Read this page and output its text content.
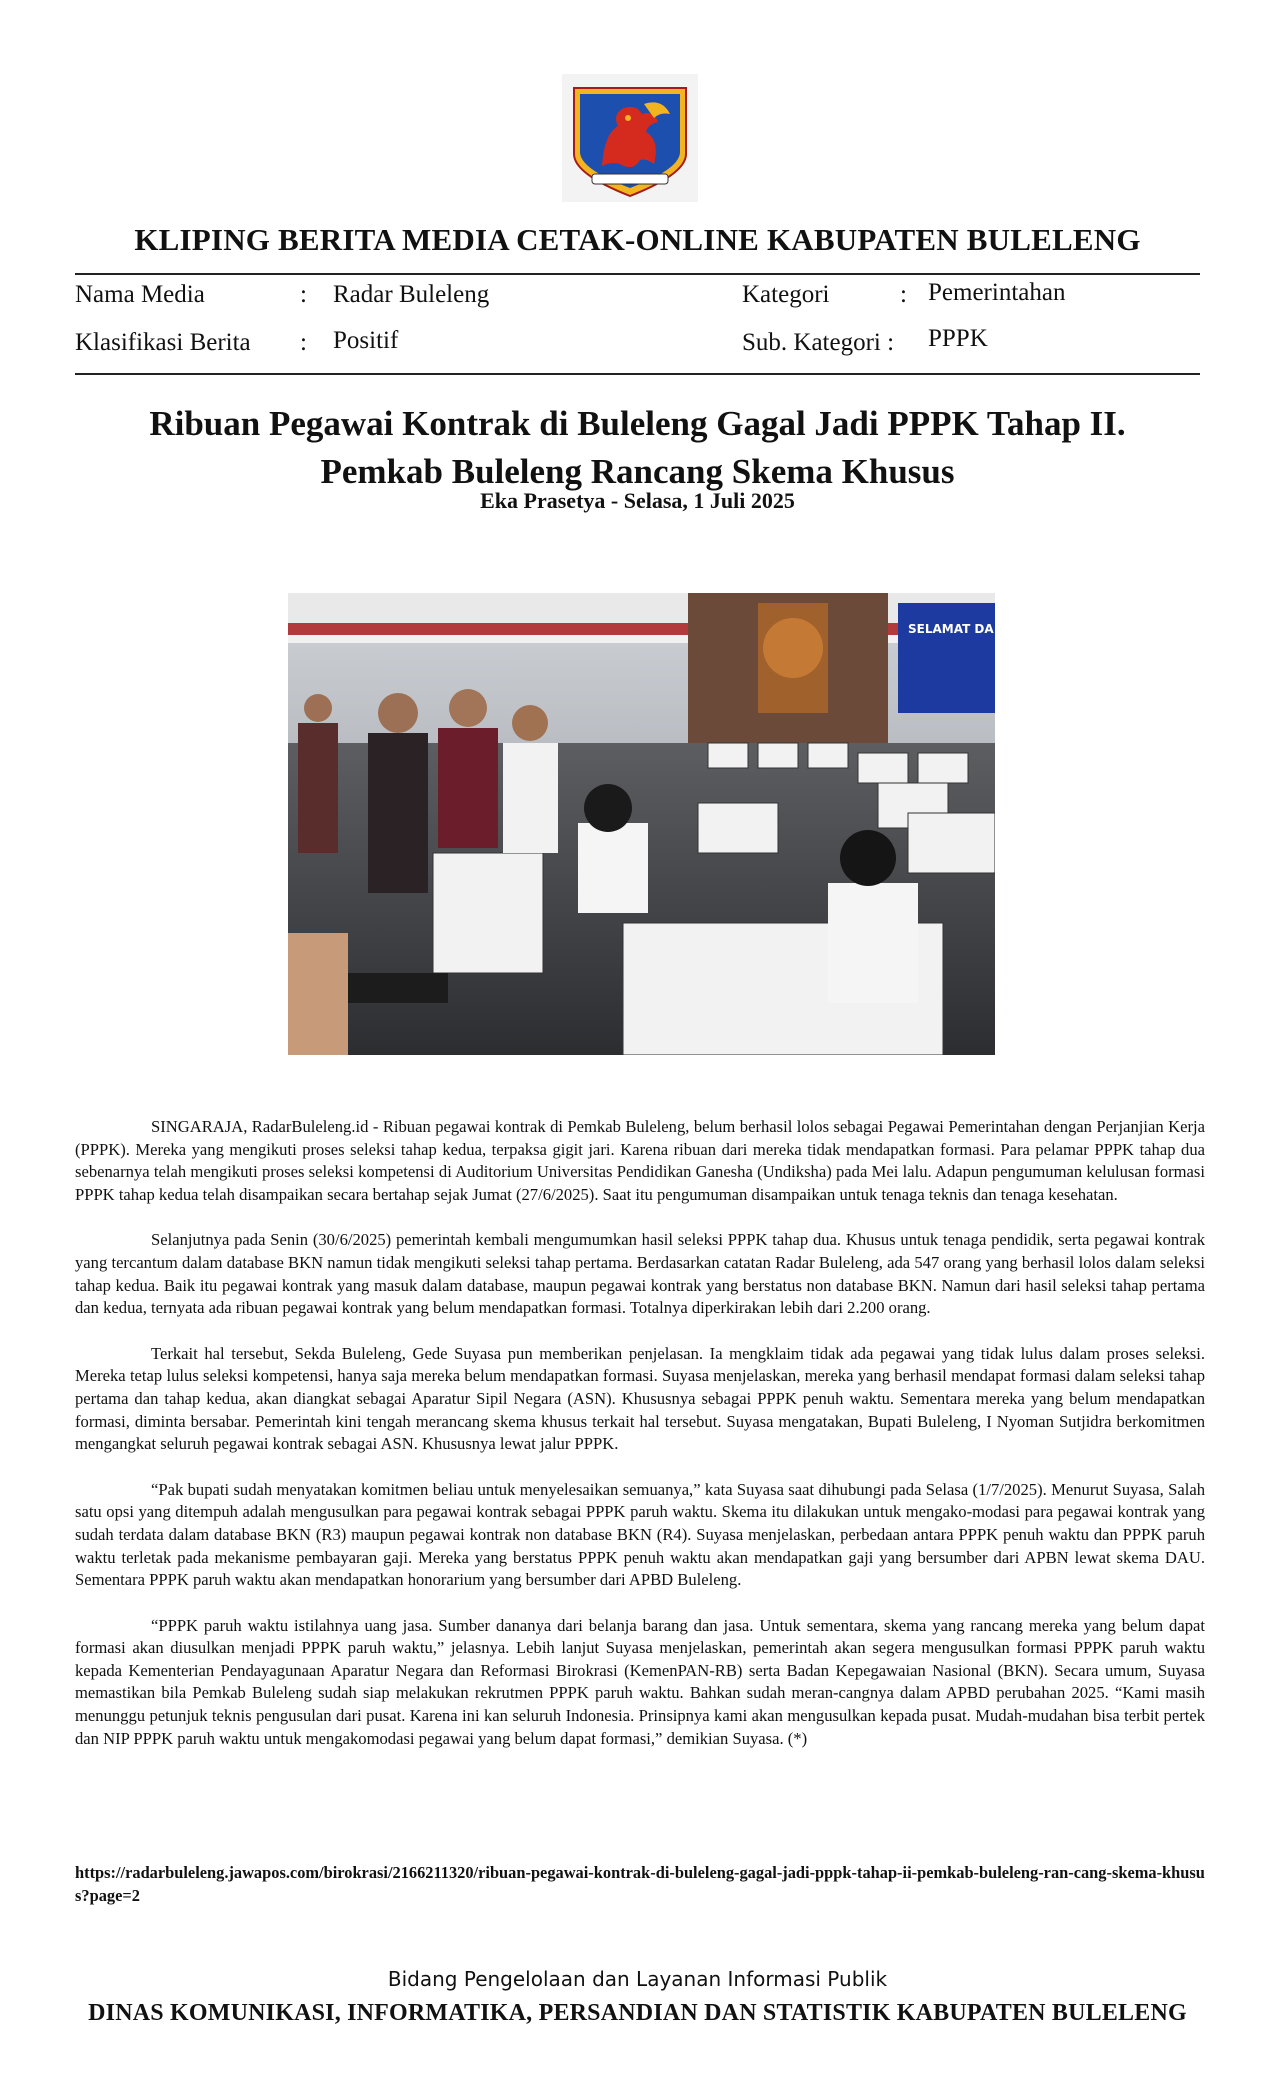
KLIPING BERITA MEDIA CETAK-ONLINE KABUPATEN BULELENG
Nama Media	: Radar Buleleng	Kategori	: Pemerintahan
Klasifikasi Berita : Positif	Sub. Kategori : PPPK
Ribuan Pegawai Kontrak di Buleleng Gagal Jadi PPPK Tahap II.
Pemkab Buleleng Rancang Skema Khusus
Eka Prasetya - Selasa, 1 Juli 2025
SELAMAT DA

SINGARAJA, RadarBuleleng.id - Ribuan pegawai kontrak di Pemkab Buleleng, belum berhasil lolos sebagai Pegawai Pemerintahan dengan Perjanjian Kerja (PPPK). Mereka yang mengikuti proses seleksi tahap kedua, terpaksa gigit jari. Karena ribuan dari mereka tidak mendapatkan formasi. Para pelamar PPPK tahap dua sebenarnya telah mengikuti proses seleksi kompetensi di Auditorium Universitas Pendidikan Ganesha (Undiksha) pada Mei lalu. Adapun pengumuman kelulusan formasi PPPK tahap kedua telah disampaikan secara bertahap sejak Jumat (27/6/2025). Saat itu pengumuman disampaikan untuk tenaga teknis dan tenaga kesehatan.

Selanjutnya pada Senin (30/6/2025) pemerintah kembali mengumumkan hasil seleksi PPPK tahap dua. Khusus untuk tenaga pendidik, serta pegawai kontrak yang tercantum dalam database BKN namun tidak mengikuti seleksi tahap pertama. Berdasarkan catatan Radar Buleleng, ada 547 orang yang berhasil lolos dalam seleksi tahap kedua. Baik itu pegawai kontrak yang masuk dalam database, maupun pegawai kontrak yang berstatus non database BKN. Namun dari hasil seleksi tahap pertama dan kedua, ternyata ada ribuan pegawai kontrak yang belum mendapatkan formasi. Totalnya diperkirakan lebih dari 2.200 orang.

Terkait hal tersebut, Sekda Buleleng, Gede Suyasa pun memberikan penjelasan. Ia mengklaim tidak ada pegawai yang tidak lulus dalam proses seleksi. Mereka tetap lulus seleksi kompetensi, hanya saja mereka belum mendapatkan formasi. Suyasa menjelaskan, mereka yang berhasil mendapat formasi dalam seleksi tahap pertama dan tahap kedua, akan diangkat sebagai Aparatur Sipil Negara (ASN). Khususnya sebagai PPPK penuh waktu. Sementara mereka yang belum mendapatkan formasi, diminta bersabar. Pemerintah kini tengah merancang skema khusus terkait hal tersebut. Suyasa mengatakan, Bupati Buleleng, I Nyoman Sutjidra berkomitmen mengangkat seluruh pegawai kontrak sebagai ASN. Khususnya lewat jalur PPPK.

“Pak bupati sudah menyatakan komitmen beliau untuk menyelesaikan semuanya,” kata Suyasa saat dihubungi pada Selasa (1/7/2025). Menurut Suyasa, Salah satu opsi yang ditempuh adalah mengusulkan para pegawai kontrak sebagai PPPK paruh waktu. Skema itu dilakukan untuk mengako-modasi para pegawai kontrak yang sudah terdata dalam database BKN (R3) maupun pegawai kontrak non database BKN (R4). Suyasa menjelaskan, perbedaan antara PPPK penuh waktu dan PPPK paruh waktu terletak pada mekanisme pembayaran gaji. Mereka yang berstatus PPPK penuh waktu akan mendapatkan gaji yang bersumber dari APBN lewat skema DAU. Sementara PPPK paruh waktu akan mendapatkan honorarium yang bersumber dari APBD Buleleng.

“PPPK paruh waktu istilahnya uang jasa. Sumber dananya dari belanja barang dan jasa. Untuk sementara, skema yang rancang mereka yang belum dapat formasi akan diusulkan menjadi PPPK paruh waktu,” jelasnya. Lebih lanjut Suyasa menjelaskan, pemerintah akan segera mengusulkan formasi PPPK paruh waktu kepada Kementerian Pendayagunaan Aparatur Negara dan Reformasi Birokrasi (KemenPAN-RB) serta Badan Kepegawaian Nasional (BKN). Secara umum, Suyasa memastikan bila Pemkab Buleleng sudah siap melakukan rekrutmen PPPK paruh waktu. Bahkan sudah meran-cangnya dalam APBD perubahan 2025. “Kami masih menunggu petunjuk teknis pengusulan dari pusat. Karena ini kan seluruh Indonesia. Prinsipnya kami akan mengusulkan kepada pusat. Mudah-mudahan bisa terbit pertek dan NIP PPPK paruh waktu untuk mengakomodasi pegawai yang belum dapat formasi,” demikian Suyasa. (*)

https://radarbuleleng.jawapos.com/birokrasi/2166211320/ribuan-pegawai-kontrak-di-buleleng-gagal-jadi-pppk-tahap-ii-pemkab-buleleng-ran-cang-skema-khusus?page=2
Bidang Pengelolaan dan Layanan Informasi Publik
DINAS KOMUNIKASI, INFORMATIKA, PERSANDIAN DAN STATISTIK KABUPATEN BULELENG
